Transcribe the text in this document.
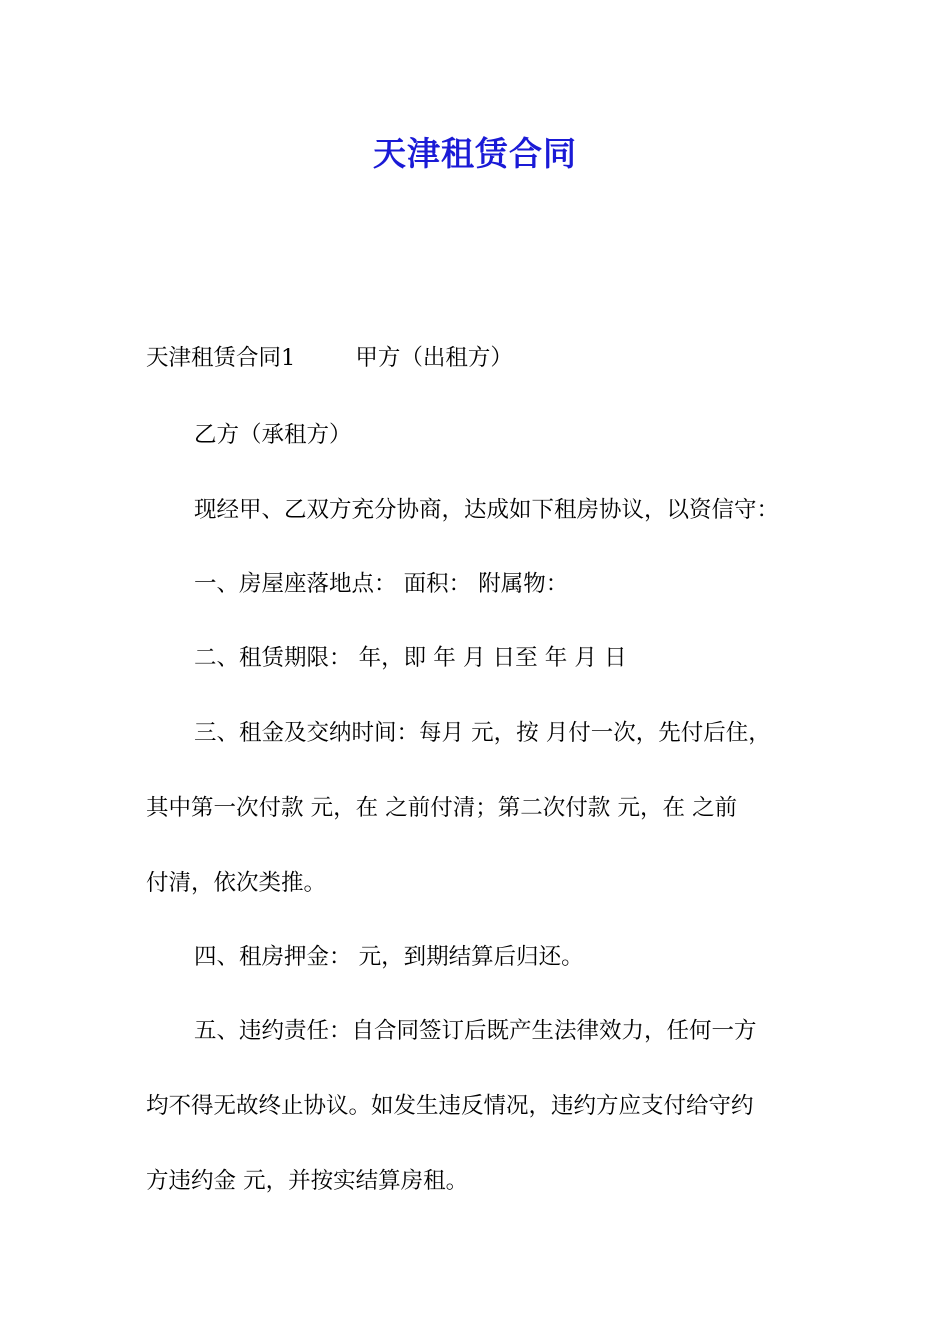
天津租赁合同

天津租赁合同1	甲方（出租方）

乙方（承租方）

现经甲、乙双方充分协商，达成如下租房协议，以资信守：

一、房屋座落地点： 面积： 附属物：

二、租赁期限： 年，即 年 月 日至 年 月 日

三、租金及交纳时间：每月 元，按 月付一次，先付后住，

其中第一次付款 元，在 之前付清；第二次付款 元，在 之前

付清，依次类推。

四、租房押金： 元，到期结算后归还。

五、违约责任：自合同签订后既产生法律效力，任何一方

均不得无故终止协议。如发生违反情况，违约方应支付给守约

方违约金 元，并按实结算房租。
